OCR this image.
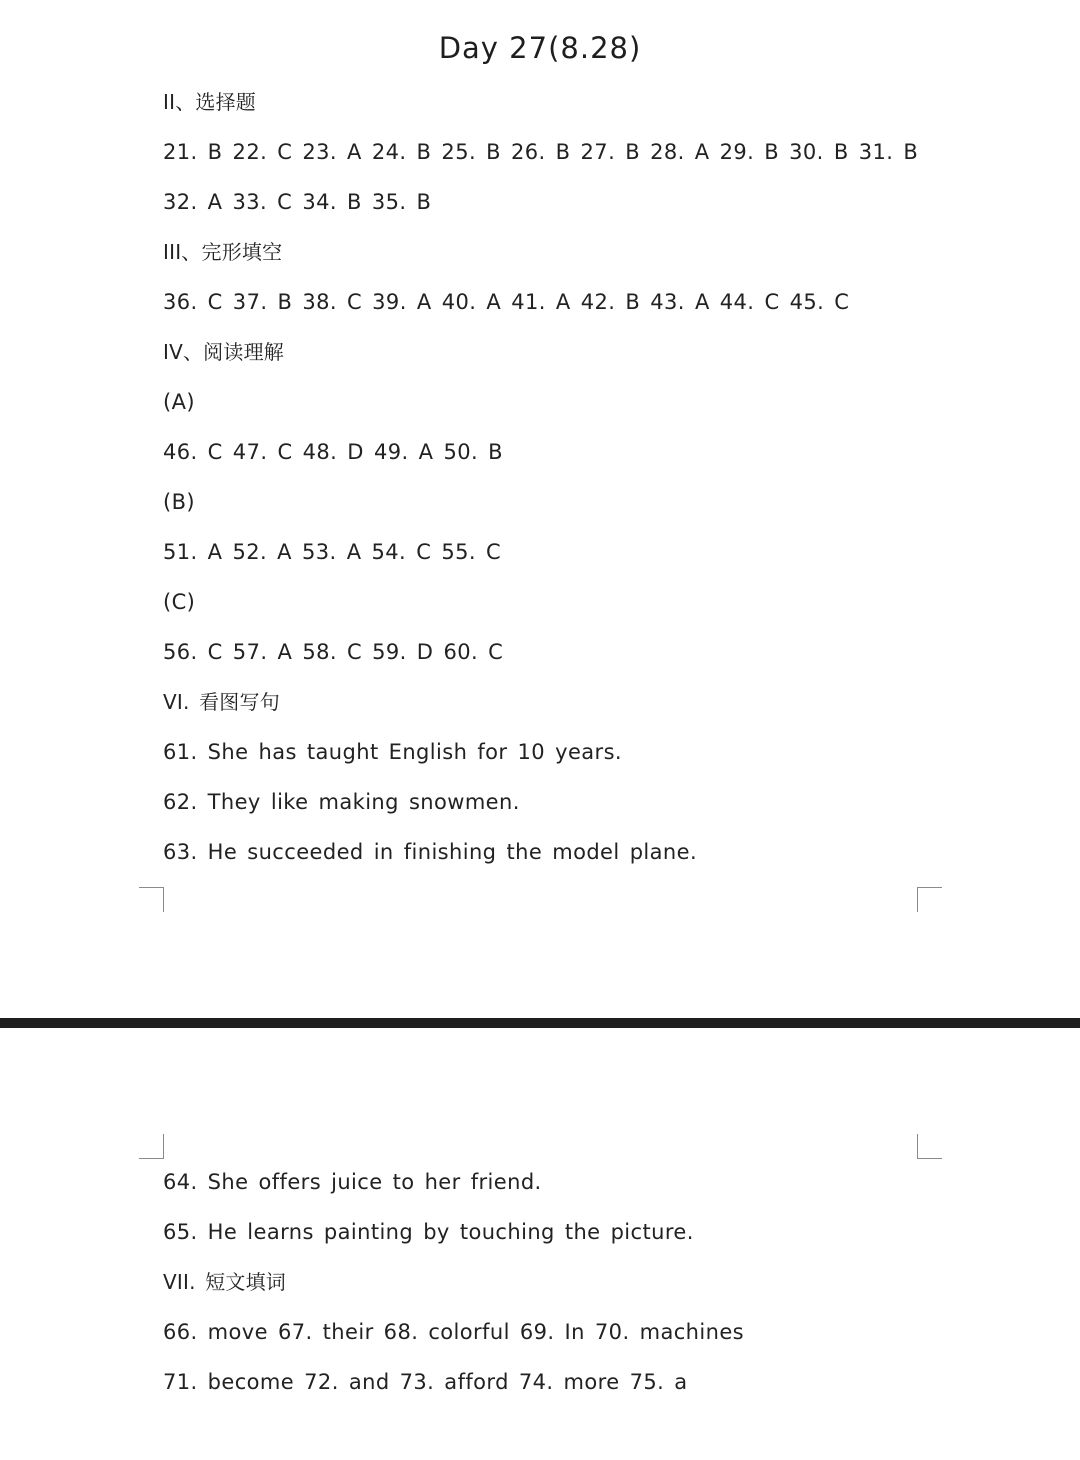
Day 27(8.28)
II、选择题
21. B 22. C 23. A 24. B 25. B 26. B 27. B 28. A 29. B 30. B 31. B
32. A 33. C 34. B 35. B
III、完形填空
36. C 37. B 38. C 39. A 40. A 41. A 42. B 43. A 44. C 45. C
IV、阅读理解
(A)
46. C 47. C 48. D 49. A 50. B
(B)
51. A 52. A 53. A 54. C 55. C
(C)
56. C 57. A 58. C 59. D 60. C
VI. 看图写句
61. She has taught English for 10 years.
62. They like making snowmen.
63. He succeeded in finishing the model plane.
64. She offers juice to her friend.
65. He learns painting by touching the picture.
VII. 短文填词
66. move 67. their 68. colorful 69. In 70. machines
71. become 72. and 73. afford 74. more 75. a
